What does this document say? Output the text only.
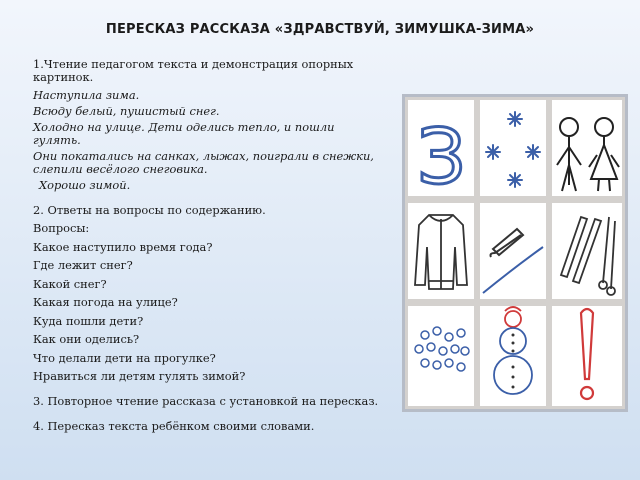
ПЕРЕСКАЗ РАССКАЗА «ЗДРАВСТВУЙ, ЗИМУШКА-ЗИМА»

1.Чтение педагогом текста и демонстрация опорных картинок.

Наступила зима.

Всюду белый, пушистый снег.

Холодно на улице. Дети оделись тепло, и пошли гулять.

Они покатались на санках, лыжах, поиграли в снежки, слепили весёлого снеговика.

Хорошо зимой.

2. Ответы на вопросы по содержанию.

Вопросы:

Какое наступило время года?

Где лежит снег?

Какой снег?

Какая погода на улице?

Куда пошли дети?

Как они оделись?

Что делали дети на прогулке?

Нравиться ли детям гулять зимой?

3. Повторное чтение рассказа с установкой на пересказ.

4. Пересказ текста ребёнком своими словами.

З
